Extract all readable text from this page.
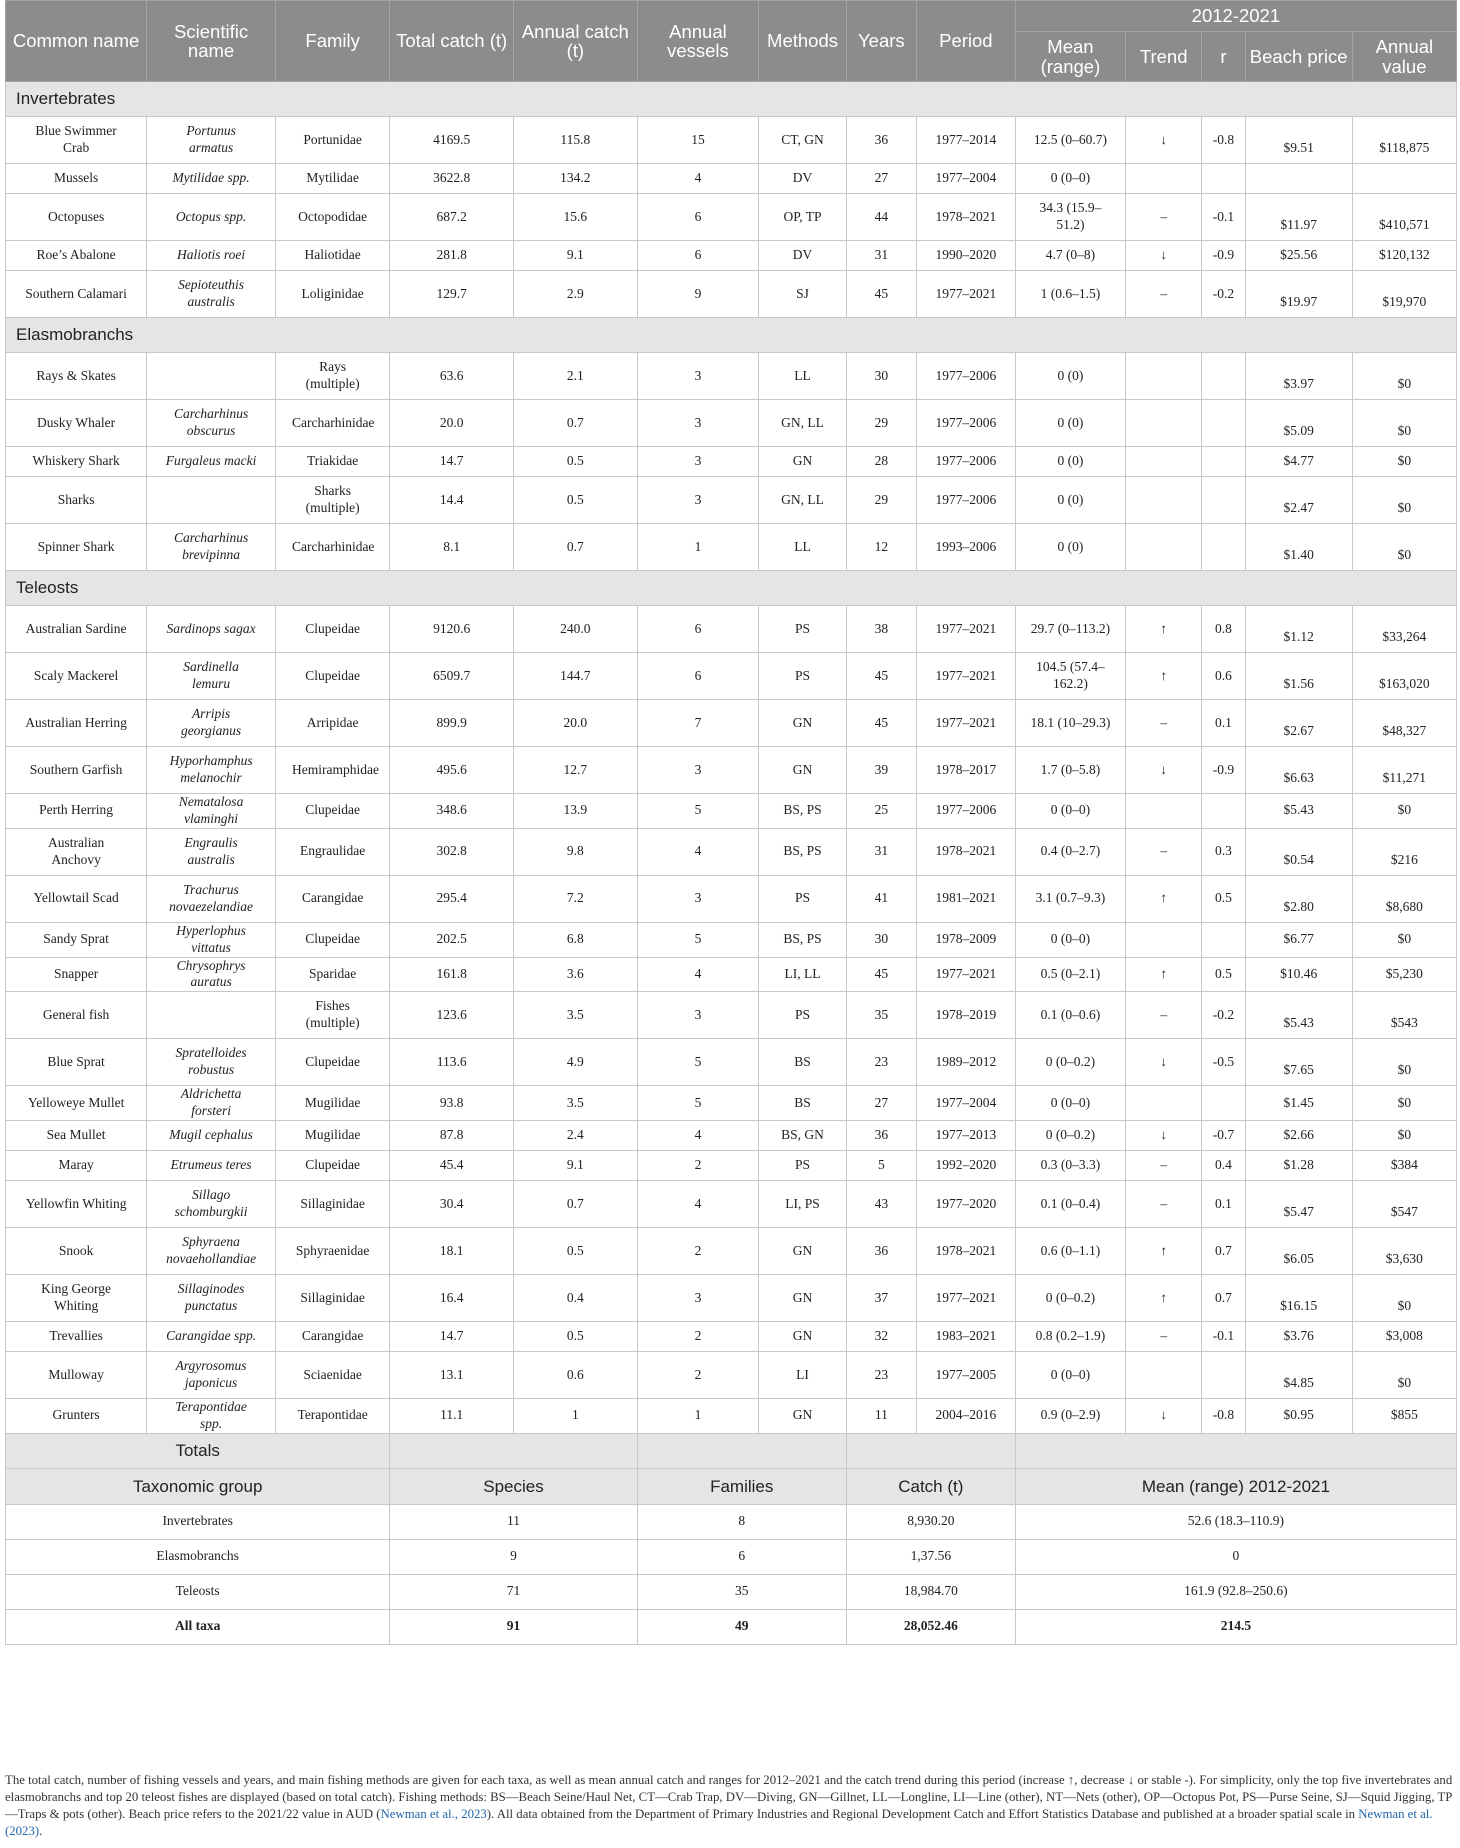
Common name	Scientific name	Family	Total catch (t)	Annual catch (t)	Annual vessels	Methods	Years	Period	2012-2021				
									Mean (range)	Trend	r	Beach price	Annual value
Invertebrates													
Blue Swimmer Crab	Portunus armatus	Portunidae	4169.5	115.8	15	CT, GN	36	1977–2014	12.5 (0–60.7)	↓	-0.8	$9.51	$118,875
Mussels	Mytilidae spp.	Mytilidae	3622.8	134.2	4	DV	27	1977–2004	0 (0–0)				
Octopuses	Octopus spp.	Octopodidae	687.2	15.6	6	OP, TP	44	1978–2021	34.3 (15.9–51.2)	–	-0.1	$11.97	$410,571
Roe’s Abalone	Haliotis roei	Haliotidae	281.8	9.1	6	DV	31	1990–2020	4.7 (0–8)	↓	-0.9	$25.56	$120,132
Southern Calamari	Sepioteuthis australis	Loliginidae	129.7	2.9	9	SJ	45	1977–2021	1 (0.6–1.5)	–	-0.2	$19.97	$19,970
Elasmobranchs													
Rays & Skates		Rays (multiple)	63.6	2.1	3	LL	30	1977–2006	0 (0)			$3.97	$0
Dusky Whaler	Carcharhinus obscurus	Carcharhinidae	20.0	0.7	3	GN, LL	29	1977–2006	0 (0)			$5.09	$0
Whiskery Shark	Furgaleus macki	Triakidae	14.7	0.5	3	GN	28	1977–2006	0 (0)			$4.77	$0
Sharks		Sharks (multiple)	14.4	0.5	3	GN, LL	29	1977–2006	0 (0)			$2.47	$0
Spinner Shark	Carcharhinus brevipinna	Carcharhinidae	8.1	0.7	1	LL	12	1993–2006	0 (0)			$1.40	$0
Teleosts													
Australian Sardine	Sardinops sagax	Clupeidae	9120.6	240.0	6	PS	38	1977–2021	29.7 (0–113.2)	↑	0.8	$1.12	$33,264
Scaly Mackerel	Sardinella lemuru	Clupeidae	6509.7	144.7	6	PS	45	1977–2021	104.5 (57.4–162.2)	↑	0.6	$1.56	$163,020
Australian Herring	Arripis georgianus	Arripidae	899.9	20.0	7	GN	45	1977–2021	18.1 (10–29.3)	–	0.1	$2.67	$48,327
Southern Garfish	Hyporhamphus melanochir	Hemiramphidae	495.6	12.7	3	GN	39	1978–2017	1.7 (0–5.8)	↓	-0.9	$6.63	$11,271
Perth Herring	Nematalosa vlaminghi	Clupeidae	348.6	13.9	5	BS, PS	25	1977–2006	0 (0–0)			$5.43	$0
Australian Anchovy	Engraulis australis	Engraulidae	302.8	9.8	4	BS, PS	31	1978–2021	0.4 (0–2.7)	–	0.3	$0.54	$216
Yellowtail Scad	Trachurus novaezelandiae	Carangidae	295.4	7.2	3	PS	41	1981–2021	3.1 (0.7–9.3)	↑	0.5	$2.80	$8,680
Sandy Sprat	Hyperlophus vittatus	Clupeidae	202.5	6.8	5	BS, PS	30	1978–2009	0 (0–0)			$6.77	$0
Snapper	Chrysophrys auratus	Sparidae	161.8	3.6	4	LI, LL	45	1977–2021	0.5 (0–2.1)	↑	0.5	$10.46	$5,230
General fish		Fishes (multiple)	123.6	3.5	3	PS	35	1978–2019	0.1 (0–0.6)	–	-0.2	$5.43	$543
Blue Sprat	Spratelloides robustus	Clupeidae	113.6	4.9	5	BS	23	1989–2012	0 (0–0.2)	↓	-0.5	$7.65	$0
Yelloweye Mullet	Aldrichetta forsteri	Mugilidae	93.8	3.5	5	BS	27	1977–2004	0 (0–0)			$1.45	$0
Sea Mullet	Mugil cephalus	Mugilidae	87.8	2.4	4	BS, GN	36	1977–2013	0 (0–0.2)	↓	-0.7	$2.66	$0
Maray	Etrumeus teres	Clupeidae	45.4	9.1	2	PS	5	1992–2020	0.3 (0–3.3)	–	0.4	$1.28	$384
Yellowfin Whiting	Sillago schomburgkii	Sillaginidae	30.4	0.7	4	LI, PS	43	1977–2020	0.1 (0–0.4)	–	0.1	$5.47	$547
Snook	Sphyraena novaehollandiae	Sphyraenidae	18.1	0.5	2	GN	36	1978–2021	0.6 (0–1.1)	↑	0.7	$6.05	$3,630
King George Whiting	Sillaginodes punctatus	Sillaginidae	16.4	0.4	3	GN	37	1977–2021	0 (0–0.2)	↑	0.7	$16.15	$0
Trevallies	Carangidae spp.	Carangidae	14.7	0.5	2	GN	32	1983–2021	0.8 (0.2–1.9)	–	-0.1	$3.76	$3,008
Mulloway	Argyrosomus japonicus	Sciaenidae	13.1	0.6	2	LI	23	1977–2005	0 (0–0)			$4.85	$0
Grunters	Terapontidae spp.	Terapontidae	11.1	1	1	GN	11	2004–2016	0.9 (0–2.9)	↓	-0.8	$0.95	$855
Totals													
Taxonomic group			Species		Families		Catch (t)		Mean (range) 2012-2021				
Invertebrates			11		8		8,930.20		52.6 (18.3–110.9)				
Elasmobranchs			9		6		1,37.56		0				
Teleosts			71		35		18,984.70		161.9 (92.8–250.6)				
All taxa			91		49		28,052.46		214.5				
The total catch, number of fishing vessels and years, and main fishing methods are given for each taxa, as well as mean annual catch and ranges for 2012–2021 and the catch trend during this period (increase ↑, decrease ↓ or stable -). For simplicity, only the top five invertebrates and elasmobranchs and top 20 teleost fishes are displayed (based on total catch). Fishing methods: BS—Beach Seine/Haul Net, CT—Crab Trap, DV—Diving, GN—Gillnet, LL—Longline, LI—Line (other), NT—Nets (other), OP—Octopus Pot, PS—Purse Seine, SJ—Squid Jigging, TP—Traps & pots (other). Beach price refers to the 2021/22 value in AUD (Newman et al., 2023). All data obtained from the Department of Primary Industries and Regional Development Catch and Effort Statistics Database and published at a broader spatial scale in Newman et al. (2023).
